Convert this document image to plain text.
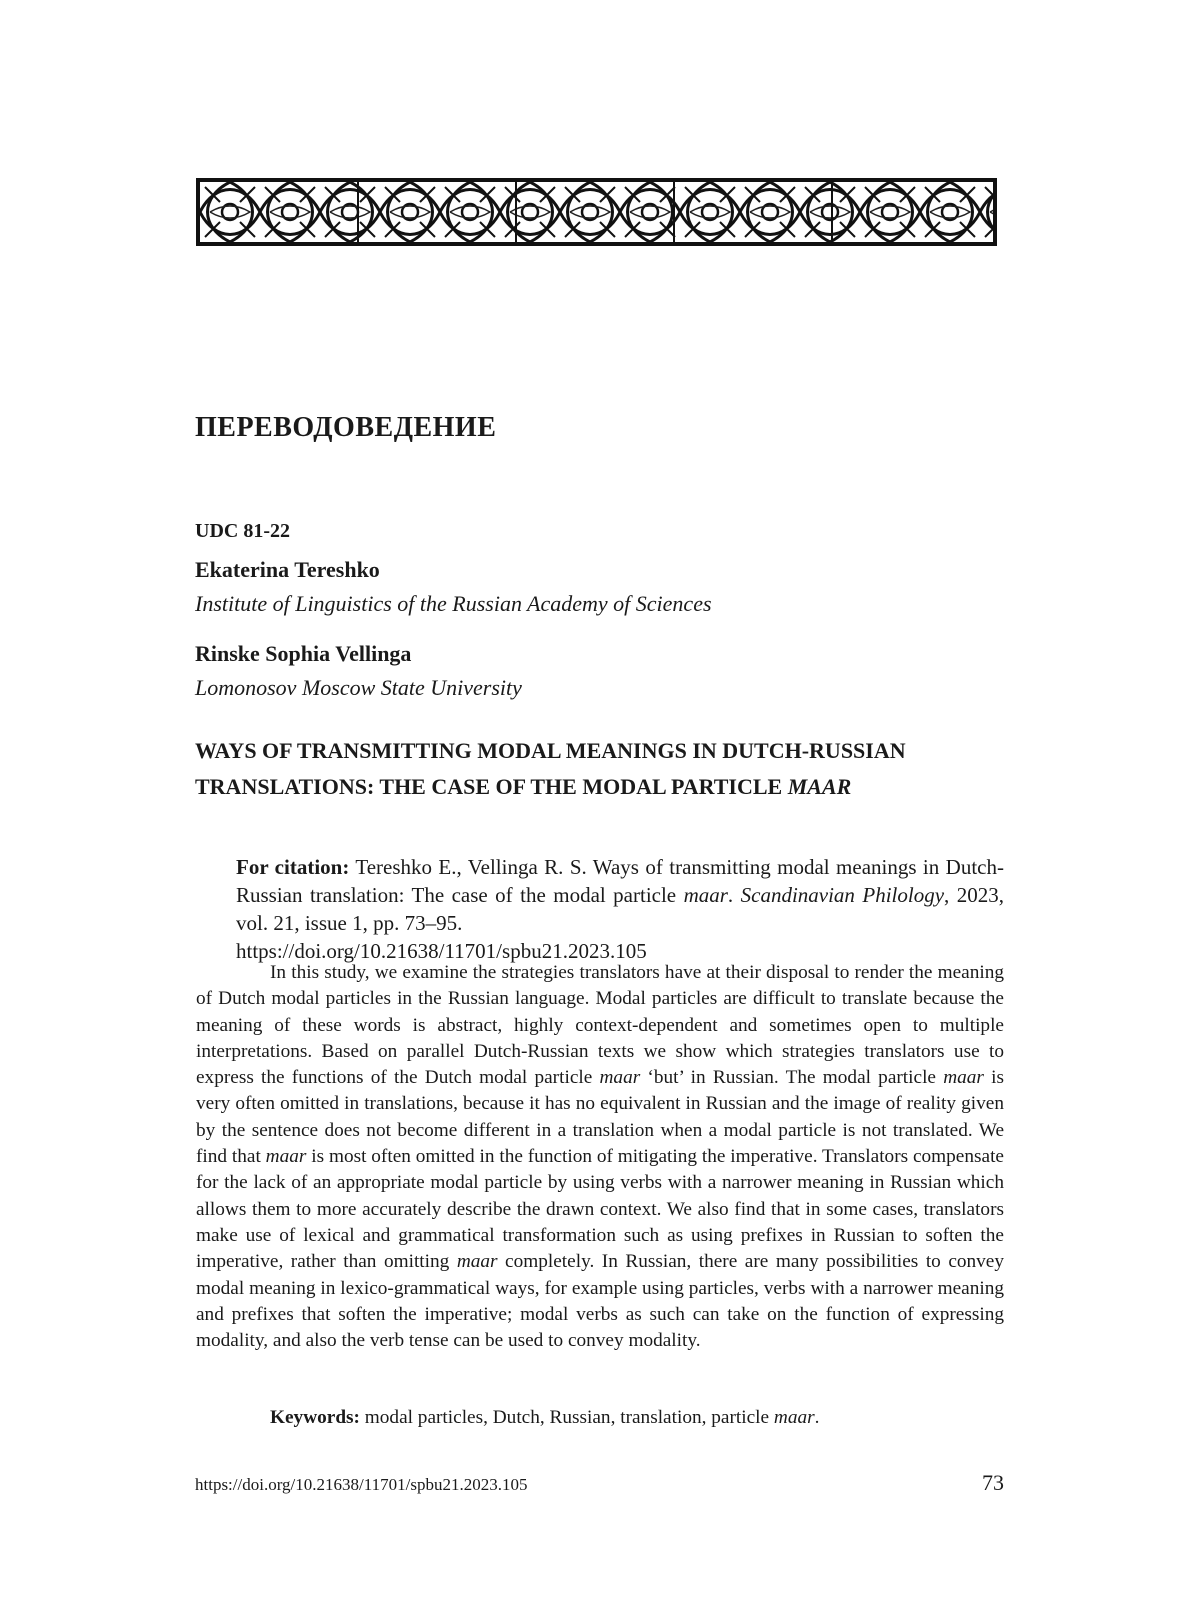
ПЕРЕВОДОВЕДЕНИЕ
UDC 81-22
Ekaterina Tereshko
Institute of Linguistics of the Russian Academy of Sciences
Rinske Sophia Vellinga
Lomonosov Moscow State University
WAYS OF TRANSMITTING MODAL MEANINGS IN DUTCH-RUSSIAN TRANSLATIONS: THE CASE OF THE MODAL PARTICLE MAAR
For citation: Tereshko E., Vellinga R. S. Ways of transmitting modal meanings in Dutch-Russian translation: The case of the modal particle maar. Scandinavian Philology, 2023, vol. 21, issue 1, pp. 73–95.
https://doi.org/10.21638/11701/spbu21.2023.105

In this study, we examine the strategies translators have at their disposal to render the meaning of Dutch modal particles in the Russian language. Modal particles are difficult to translate because the meaning of these words is abstract, highly context-dependent and sometimes open to multiple interpretations. Based on parallel Dutch-Russian texts we show which strategies translators use to express the functions of the Dutch modal particle maar ‘but’ in Russian. The modal particle maar is very often omitted in translations, because it has no equivalent in Russian and the image of reality given by the sentence does not become different in a translation when a modal particle is not translated. We find that maar is most often omitted in the function of mitigating the imperative. Translators compensate for the lack of an appropriate modal particle by using verbs with a narrower meaning in Russian which allows them to more accurately describe the drawn context. We also find that in some cases, translators make use of lexical and grammatical transformation such as using prefixes in Russian to soften the imperative, rather than omitting maar completely. In Russian, there are many possibilities to convey modal meaning in lexico-grammatical ways, for example using particles, verbs with a narrower meaning and prefixes that soften the imperative; modal verbs as such can take on the function of expressing modality, and also the verb tense can be used to convey modality.

Keywords: modal particles, Dutch, Russian, translation, particle maar.
https://doi.org/10.21638/11701/spbu21.2023.105	73
